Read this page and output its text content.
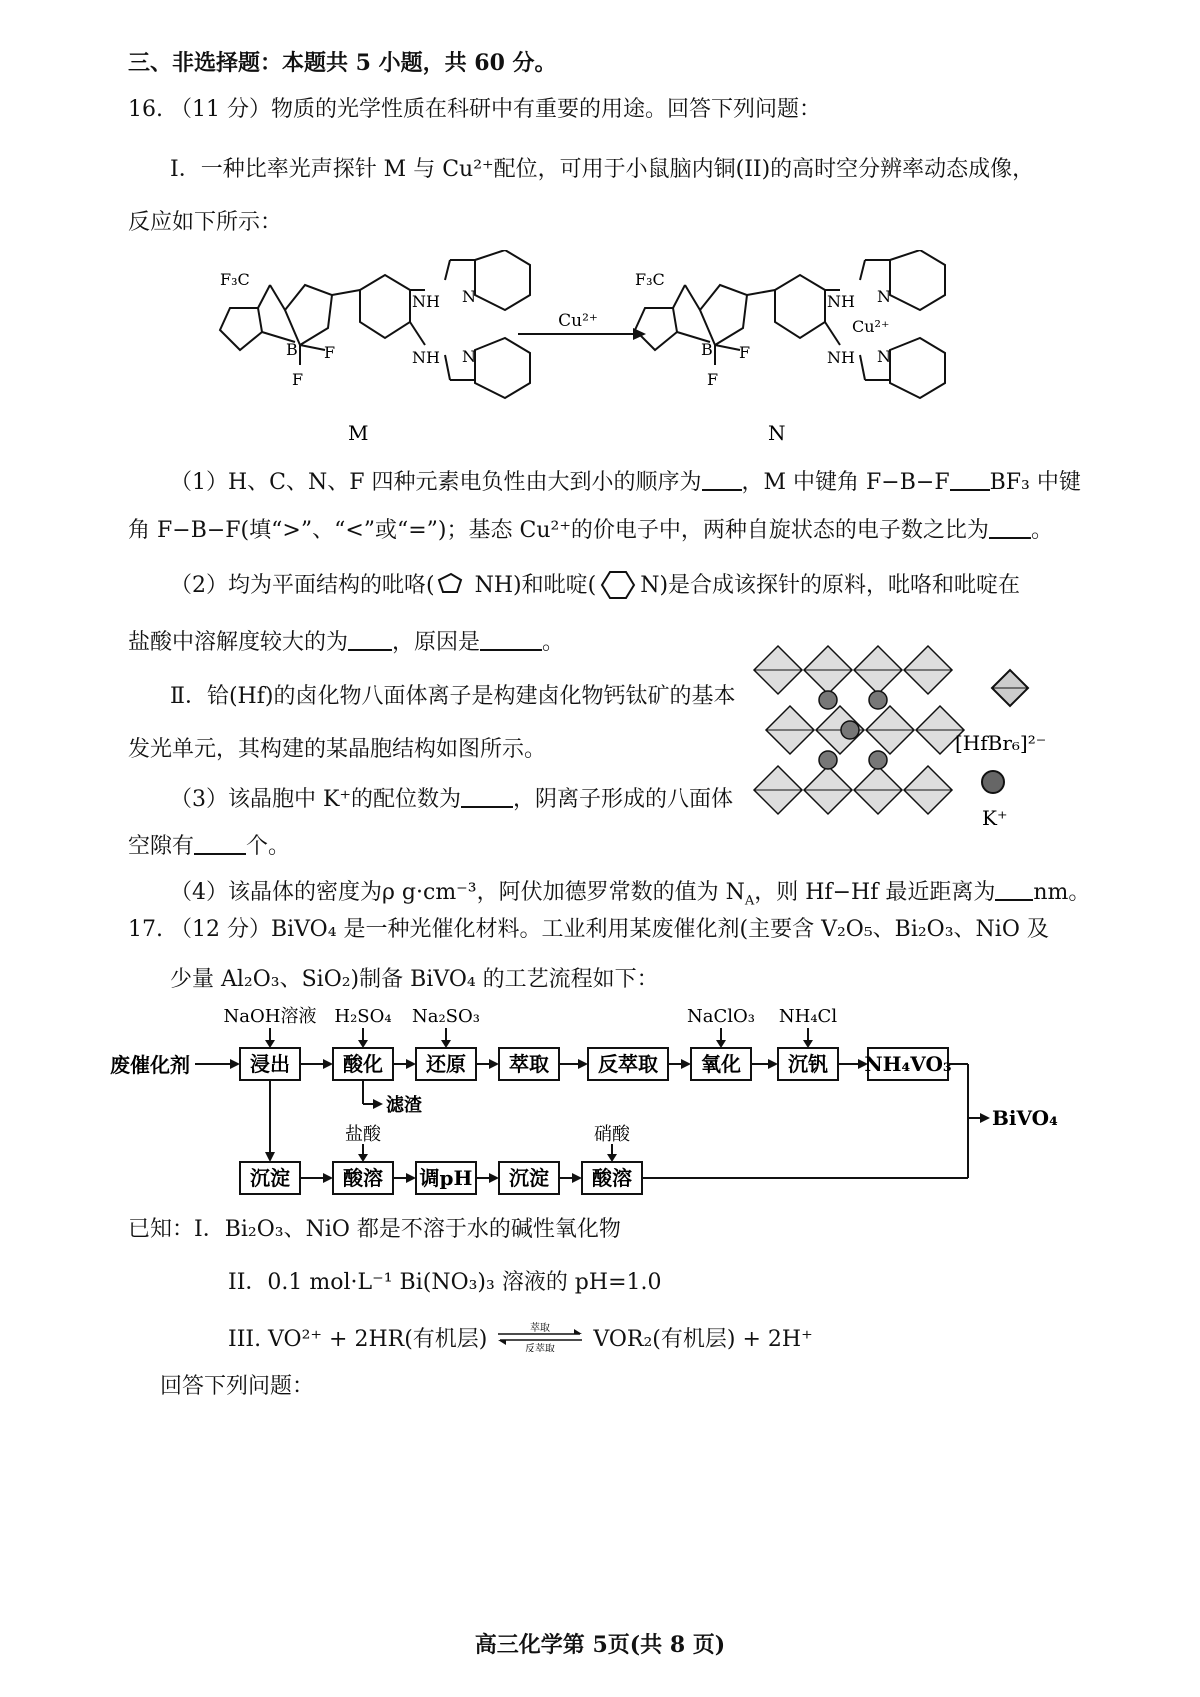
三、非选择题：本题共 5 小题，共 60 分。
16. （11 分）物质的光学性质在科研中有重要的用途。回答下列问题：
Ⅰ．一种比率光声探针 M 与 Cu²⁺配位，可用于小鼠脑内铜(II)的高时空分辨率动态成像，
反应如下所示：
F₃C
B
F
F
NH
NH
N
N
M
Cu²⁺
F₃C
B
F
F
NH
NH
N
N
Cu²⁺
N
（1）H、C、N、F 四种元素电负性由大到小的顺序为 ，M 中键角 F−B−F BF₃ 中键
角 F−B−F(填“>”、“<”或“=”)；基态 Cu²⁺的价电子中，两种自旋状态的电子数之比为 。
（2）均为平面结构的吡咯( NH)和吡啶( N)是合成该探针的原料，吡咯和吡啶在
盐酸中溶解度较大的为 ，原因是	。
Ⅱ．铪(Hf)的卤化物八面体离子是构建卤化物钙钛矿的基本
发光单元，其构建的某晶胞结构如图所示。
（3）该晶胞中 K⁺的配位数为 ，阴离子形成的八面体
空隙有 个。
（4）该晶体的密度为ρ g·cm⁻³，阿伏加德罗常数的值为 $N_A$，则 Hf−Hf 最近距离为 nm。
[HfBr₆]²⁻
K⁺
17. （12 分）BiVO₄ 是一种光催化材料。工业利用某废催化剂(主要含 V₂O₅、Bi₂O₃、NiO 及
少量 Al₂O₃、SiO₂)制备 BiVO₄ 的工艺流程如下：
废催化剂	浸出	酸化 还原 萃取 反萃取 氧化 沉钒 NH₄VO₃
NaOH溶液 H₂SO₄ Na₂SO₃	NaClO₃ NH₄Cl
滤渣
沉淀	酸溶 调pH 沉淀 酸溶
盐酸	硝酸
BiVO₄
已知：I．Bi₂O₃、NiO 都是不溶于水的碱性氧化物
II．0.1 mol·L⁻¹ Bi(NO₃)₃ 溶液的 pH=1.0
III. VO²⁺ + 2HR(有机层)	萃取
反萃取 VOR₂(有机层) + 2H⁺
回答下列问题：
高三化学第 5页(共 8 页)
